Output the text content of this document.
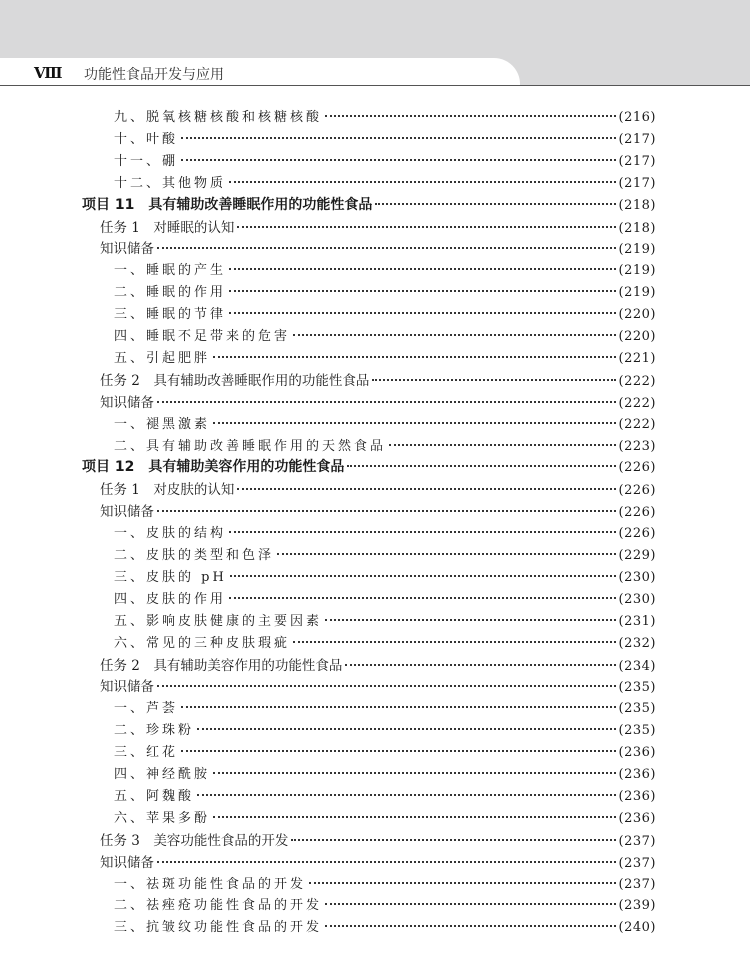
Ⅷ 功能性食品开发与应用
九、脱氧核糖核酸和核糖核酸	(216)
十、叶酸	(217)
十一、硼	(217)
十二、其他物质	(217)
项目 11　具有辅助改善睡眠作用的功能性食品	(218)
任务 1　对睡眠的认知	(218)
知识储备	(219)
一、睡眠的产生	(219)
二、睡眠的作用	(219)
三、睡眠的节律	(220)
四、睡眠不足带来的危害	(220)
五、引起肥胖	(221)
任务 2　具有辅助改善睡眠作用的功能性食品	(222)
知识储备	(222)
一、褪黑激素	(222)
二、具有辅助改善睡眠作用的天然食品	(223)
项目 12　具有辅助美容作用的功能性食品	(226)
任务 1　对皮肤的认知	(226)
知识储备	(226)
一、皮肤的结构	(226)
二、皮肤的类型和色泽	(229)
三、皮肤的 pH	(230)
四、皮肤的作用	(230)
五、影响皮肤健康的主要因素	(231)
六、常见的三种皮肤瑕疵	(232)
任务 2　具有辅助美容作用的功能性食品	(234)
知识储备	(235)
一、芦荟	(235)
二、珍珠粉	(235)
三、红花	(236)
四、神经酰胺	(236)
五、阿魏酸	(236)
六、苹果多酚	(236)
任务 3　美容功能性食品的开发	(237)
知识储备	(237)
一、祛斑功能性食品的开发	(237)
二、祛痤疮功能性食品的开发	(239)
三、抗皱纹功能性食品的开发	(240)
